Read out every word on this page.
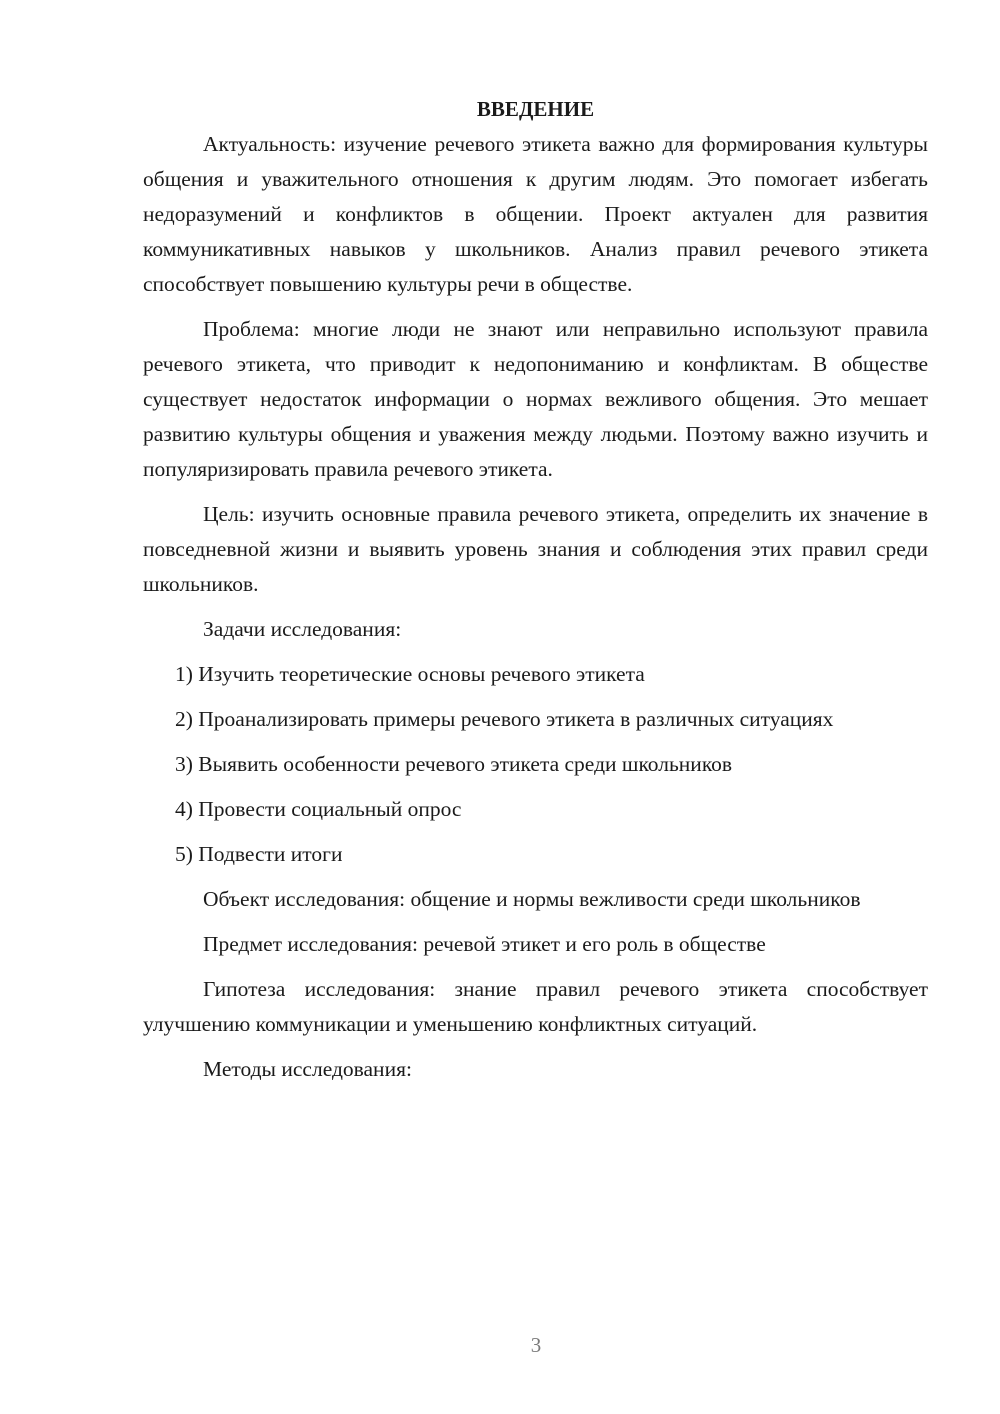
ВВЕДЕНИЕ

Актуальность: изучение речевого этикета важно для формирования культуры общения и уважительного отношения к другим людям. Это помогает избегать недоразумений и конфликтов в общении. Проект актуален для развития коммуникативных навыков у школьников. Анализ правил речевого этикета способствует повышению культуры речи в обществе.

Проблема: многие люди не знают или неправильно используют правила речевого этикета, что приводит к недопониманию и конфликтам. В обществе существует недостаток информации о нормах вежливого общения. Это мешает развитию культуры общения и уважения между людьми. Поэтому важно изучить и популяризировать правила речевого этикета.

Цель: изучить основные правила речевого этикета, определить их значение в повседневной жизни и выявить уровень знания и соблюдения этих правил среди школьников.

Задачи исследования:

1) Изучить теоретические основы речевого этикета

2) Проанализировать примеры речевого этикета в различных ситуациях

3) Выявить особенности речевого этикета среди школьников

4) Провести социальный опрос

5) Подвести итоги

Объект исследования: общение и нормы вежливости среди школьников

Предмет исследования: речевой этикет и его роль в обществе

Гипотеза исследования: знание правил речевого этикета способствует улучшению коммуникации и уменьшению конфликтных ситуаций.

Методы исследования:

3
